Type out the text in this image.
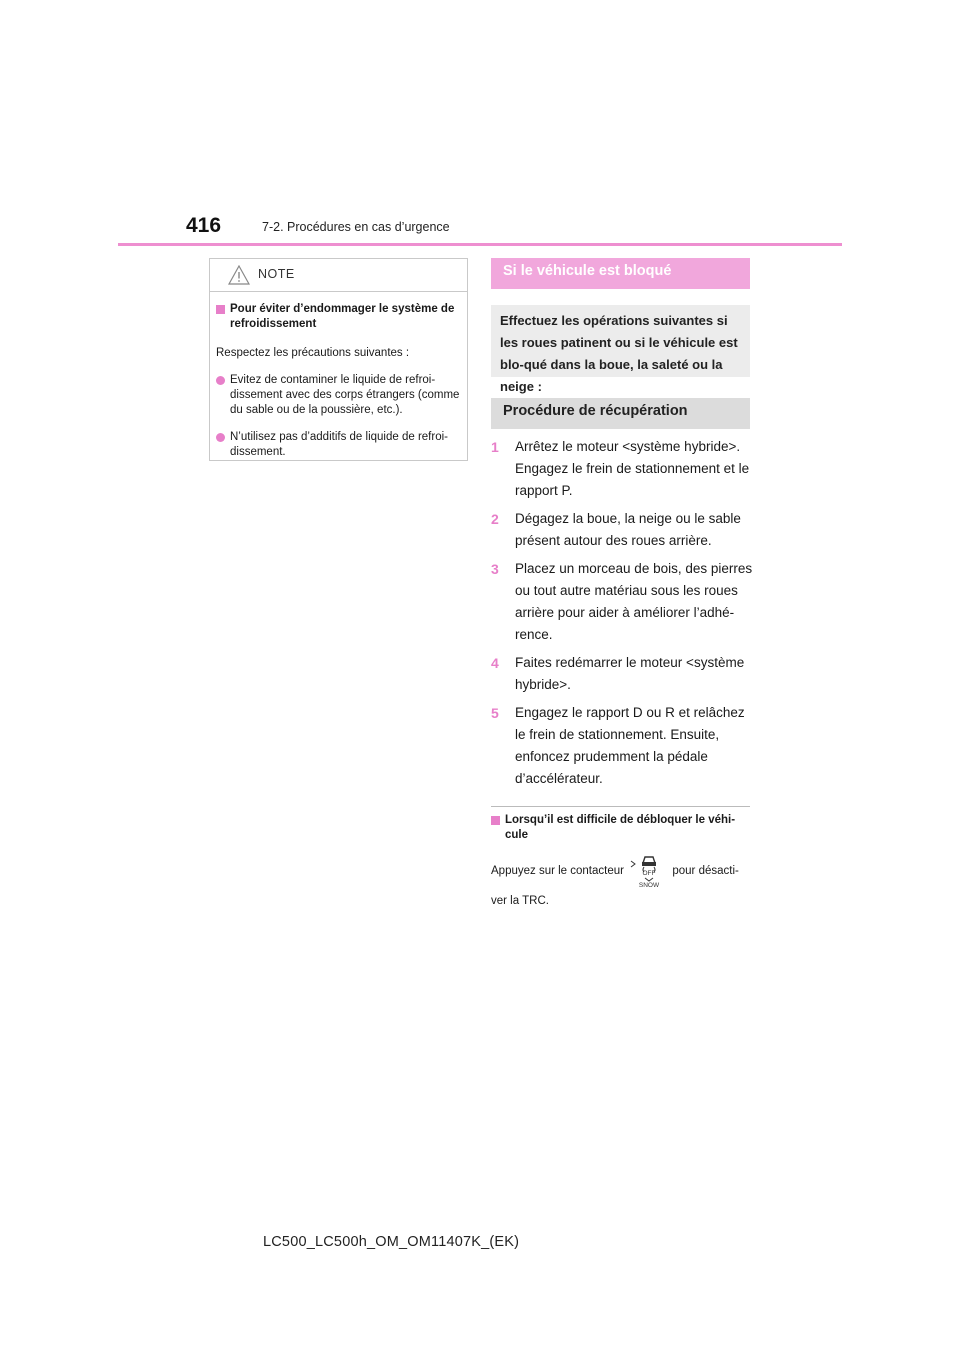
416	7-2. Procédures en cas d’urgence
NOTE
Pour éviter d’endommager le système de refroidissement
Respectez les précautions suivantes :
Evitez de contaminer le liquide de refroi-dissement avec des corps étrangers (comme du sable ou de la poussière, etc.).
N’utilisez pas d’additifs de liquide de refroi-dissement.
Si le véhicule est bloqué
Effectuez les opérations suivantes si les roues patinent ou si le véhicule est blo-qué dans la boue, la saleté ou la neige :
Procédure de récupération
1 Arrêtez le moteur <système hybride>. Engagez le frein de stationnement et le rapport P.
2 Dégagez la boue, la neige ou le sable présent autour des roues arrière.
3 Placez un morceau de bois, des pierres ou tout autre matériau sous les roues arrière pour aider à améliorer l’adhé-rence.
4 Faites redémarrer le moteur <système hybride>.
5 Engagez le rapport D ou R et relâchez le frein de stationnement. Ensuite, enfoncez prudemment la pédale d’accélérateur.
Lorsqu’il est difficile de débloquer le véhi-cule
Appuyez sur le contacteur	OFF
SNOW
pour désacti-ver la TRC.
LC500_LC500h_OM_OM11407K_(EK)
